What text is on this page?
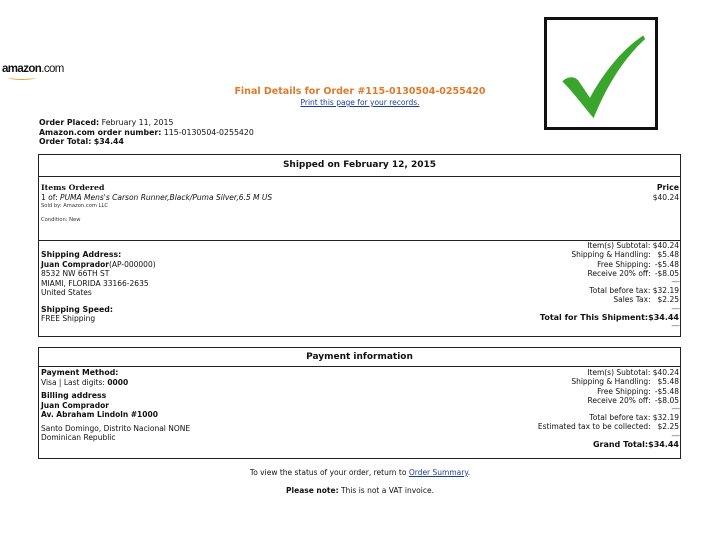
amazon.com
Final Details for Order #115-0130504-0255420
Print this page for your records.
Order Placed: February 11, 2015
Amazon.com order number: 115-0130504-0255420
Order Total: $34.44
Shipped on February 12, 2015
Items Ordered
1 of: PUMA Mens's Carson Runner,Black/Puma Silver,6.5 M US
Sold by: Amazon.com LLC
Condition: New
Price
$40.24
Shipping Address:
Juan Comprador(AP-000000)
8532 NW 66TH ST
MIAMI, FLORIDA 33166-2635
United States
Shipping Speed:
FREE Shipping
Item(s) Subtotal: $40.24
Shipping & Handling: $5.48
Free Shipping: -$5.48
Receive 20% off: -$8.05
-----
Total before tax: $32.19
Sales Tax: $2.25
-----
Total for This Shipment:$34.44
-----
Payment information
Payment Method:
Visa | Last digits: 0000
Billing address
Juan Comprador
Av. Abraham Lindoln #1000
Santo Domingo, Distrito Nacional NONE
Dominican Republic
Item(s) Subtotal: $40.24
Shipping & Handling: $5.48
Free Shipping: -$5.48
Receive 20% off: -$8.05
-----
Total before tax: $32.19
Estimated tax to be collected: $2.25
-----
Grand Total:$34.44
To view the status of your order, return to Order Summary.
Please note: This is not a VAT invoice.
